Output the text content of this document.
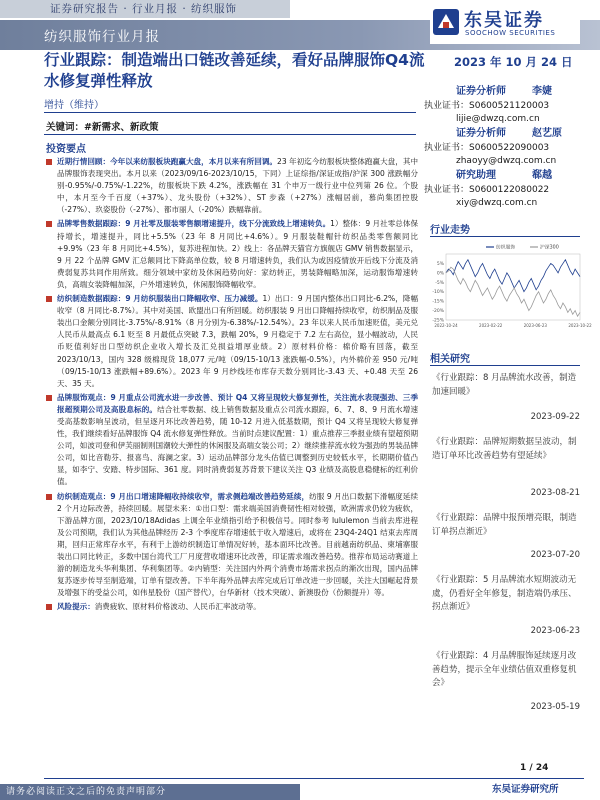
证券研究报告 · 行业月报 · 纺织服饰
纺织服饰行业月报
东吴证券
SOOCHOW SECURITIES
行业跟踪：制造端出口链改善延续，看好品牌服饰Q4流水修复弹性释放
2023 年 10 月 24 日
增持（维持）
关键词：#新需求、新政策
投资要点
近期行情回顾：今年以来纺服板块跑赢大盘，本月以来有所回调。23 年初迄今纺服板块整体跑赢大盘，其中品牌服饰表现突出。本月以来（2023/09/16-2023/10/15，下同）上证综指/深证成指/沪深 300 涨跌幅分别-0.95%/-0.75%/-1.22%，纺服板块下跌 4.2%，涨跌幅在 31 个申万一级行业中位列第 26 位。个股中，本月至今千百度（+37%）、龙头股份（+32%）、ST 步森（+27%）涨幅居前，慕尚集团控股（-27%）、玖姿股份（-27%）、都市丽人（-20%）跌幅靠前。
品牌零售数据跟踪：9 月社零及服装零售额增速提升，线下分流致线上增速转负。1）整体：9 月社零总体保持增长，增速提升，同比+5.5%（23 年 8 月同比+4.6%）。9 月服装鞋帽针纺织品类零售额同比+9.9%（23 年 8 月同比+4.5%），复苏进程加快。2）线上：各品牌天猫官方旗舰店 GMV 销售数据显示，9 月 22 个品牌 GMV 汇总额同比下降高单位数，较 8 月增速转负，我们认为或因疫情放开后线下分流及消费弱复苏共同作用所致。细分领域中家纺及休闲趋势向好：家纺转正，男装降幅略加深，运动服饰增速转负，高端女装降幅加深，户外增速转负，休闲服饰降幅收窄。
纺织制造数据跟踪：9 月纺织服装出口降幅收窄、压力减缓。1）出口：9 月国内整体出口同比-6.2%，降幅收窄（8 月同比-8.7%）。其中对美国、欧盟出口有所回暖。纺织服装 9 月出口降幅持续收窄，纺织制品及服装出口金额分别同比-3.75%/-8.91%（8 月分别为-6.38%/-12.54%）。23 年以来人民币加速贬值，美元兑人民币从最高点 6.1 贬至 8 月最低点突破 7.3，跌幅 20%，9 月稳定于 7.2 左右高位，显小幅波动，人民币贬值利好出口型纺织企业收入增长及汇兑损益增厚业绩。2）原材料价格：棉价略有回落，截至 2023/10/13，国内 328 级棉现货 18,077 元/吨（09/15-10/13 涨跌幅-0.5%），内外棉价差 950 元/吨（09/15-10/13 涨跌幅+89.6%）。2023 年 9 月纱线坯布库存天数分别同比-3.43 天、+0.48 天至 26 天、35 天。
品牌服饰观点：9 月重点公司流水进一步改善、预计 Q4 又将呈现较大修复弹性，关注流水表现强劲、三季报超预期公司及高股息标的。结合社零数据、线上销售数据及重点公司流水跟踪，6、7、8、9 月流水增速受高基数影响呈波动，但呈逐月环比改善趋势，随 10-12 月进入低基数期，预计 Q4 又将呈现较大修复弹性，我们继续看好品牌服饰 Q4 流水修复弹性释放。当前时点建议配置：1）重点推荐三季报业绩有望超预期公司，如波司登和伊芙丽制则国潮较大弹性的休闲服及高端女装公司；2）继续推荐流水较为强劲的男装品牌公司，如比音勒芬、报喜鸟、海澜之家。3）运动品牌部分龙头估值已调整到历史较低水平，长期期价值凸显，如李宁、安踏、特步国际、361 度。同时消费弱复苏背景下建议关注 Q3 业绩及高股息稳健标的红利价值。
纺织制造观点：9 月出口增速降幅收持续收窄，需求侧趋端改善趋势延续，纺服 9 月出口数据下滑幅度延续 2 个月边际改善，持续回暖。展望未来：①出口型：需求端美国消费韧性相对较强，欧洲需求仍较为疲软，下游品牌方面，2023/10/18Adidas 上调全年业绩指引给予积极信号。同时参考 lululemon 当前去库进程及公司预期，我们认为其他品牌经历 2-3 个季度库存增速低于收入增速后，或将在 23Q4-24Q1 结束去库周期，回归正常库存水平，有利于上游纺织制造订单情况好转，基本面环比改善。目前越南纺织品、柬埔寨服装出口同比转正，多数中国台湾代工厂月度营收增速环比改善，印证需求端改善趋势。推荐布局运动赛道上游的制造龙头华利集团、华利集团等。②内销型：关注国内外两个消费市场需求拐点的渐次出现，国内品牌复苏逐步传导至制造端，订单有望改善。下半年海外品牌去库完成后订单改进一步回暖，关注大国崛起背景及增强下的受益公司，如伟星股份（国产替代），台华新材（技术突破）、新澳股份（份额提升）等。
风险提示：消费疲软、原材料价格波动、人民币汇率波动等。
证券分析师	李婕
执业证书：S0600521120003
lijie@dwzq.com.cn
证券分析师	赵艺原
执业证书：S0600522090003
zhaoyy@dwzq.com.cn
研究助理	郗越
执业证书：S0600122080022
xiy@dwzq.com.cn
行业走势
5%
0%
-5%
-10%
-15%
-20%
-25%
2022-10-24	2023-02-22	2023-06-23	2023-10-22
纺织服饰	沪深300
相关研究
《行业跟踪：8 月品牌流水改善，制造加速回暖》
2023-09-22
《行业跟踪：品牌短期数据呈波动，制造订单环比改善趋势有望延续》
2023-08-21
《行业跟踪：品牌中报预增亮眼，制造订单拐点渐近》
2023-07-20
《行业跟踪：5 月品牌流水短期波动无虞，仍看好全年修复，制造端仍承压、拐点渐近》
2023-06-23
《行业跟踪：4 月品牌服饰延续逐月改善趋势，提示全年业绩估值双重修复机会》
2023-05-19
1 / 24
请务必阅读正文之后的免责声明部分	东吴证券研究所
